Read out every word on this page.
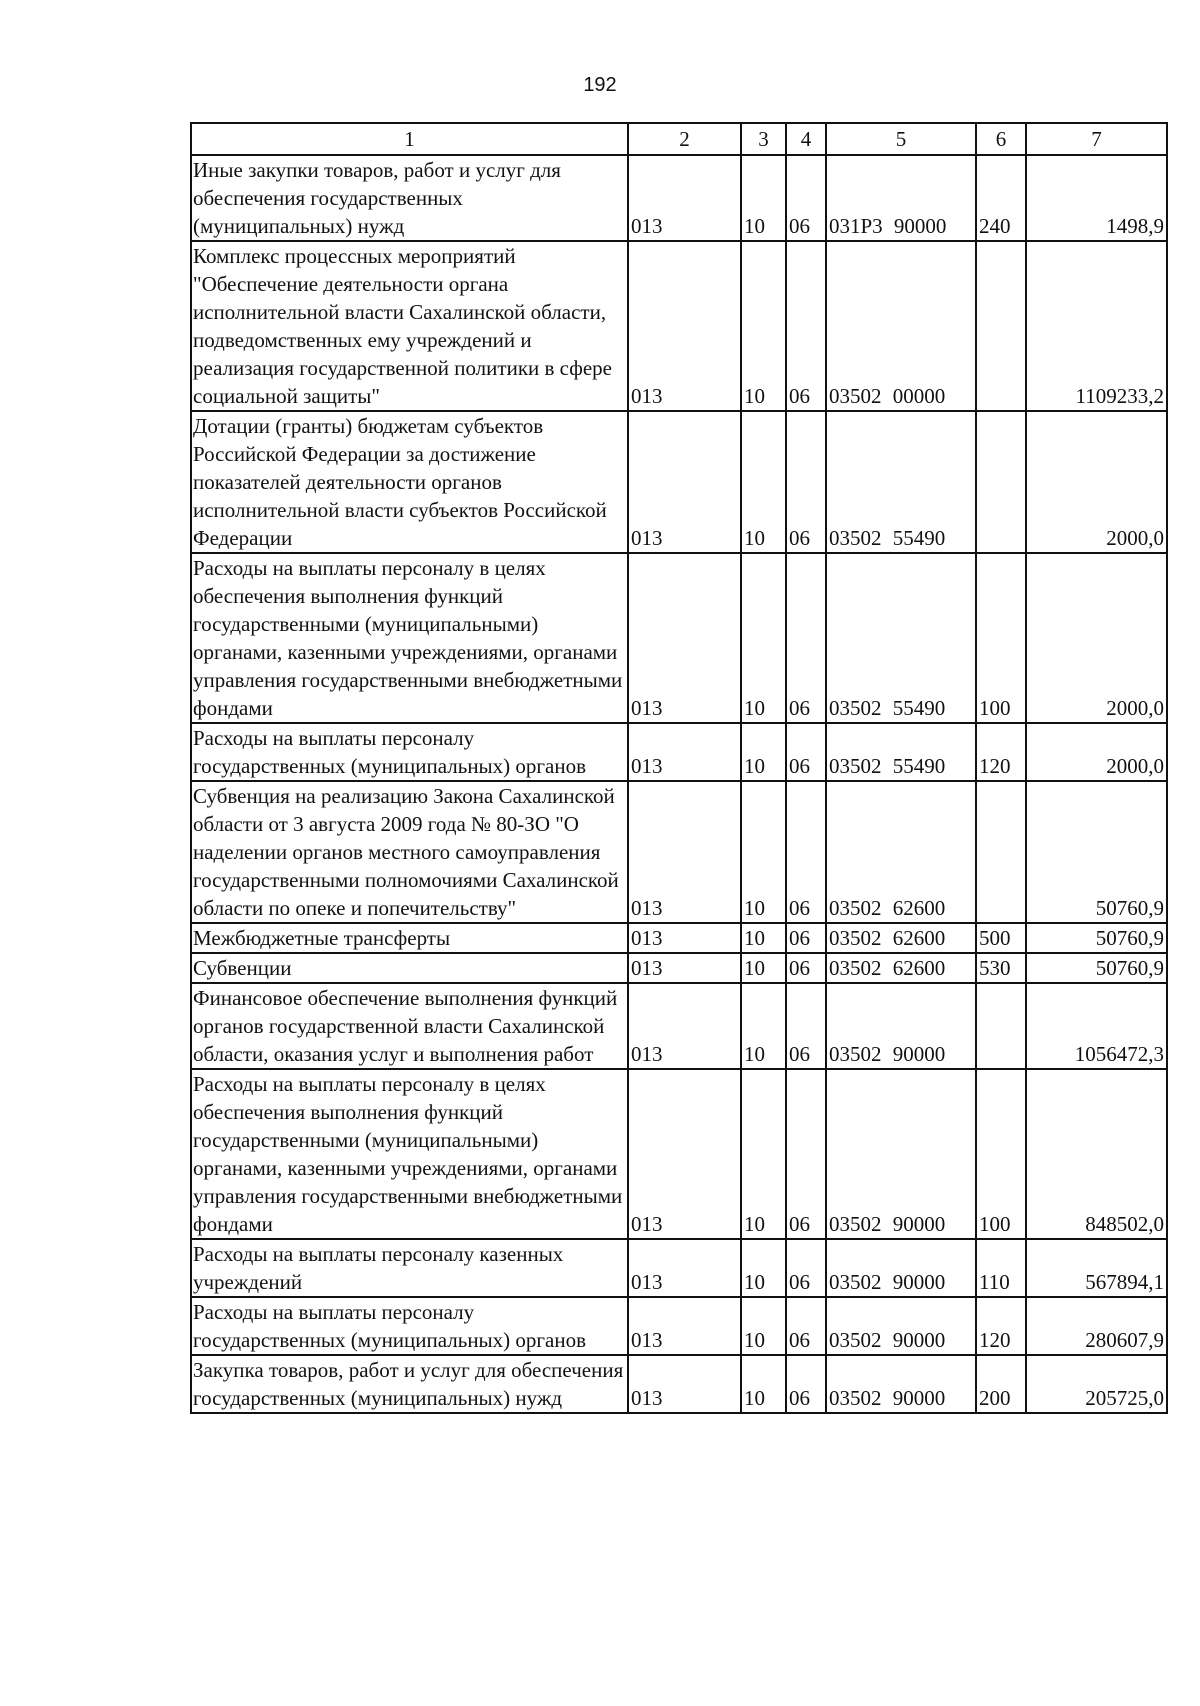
192
1	2	3	4	5	6	7
Иные закупки товаров, работ и услуг для обеспечения государственных (муниципальных) нужд	013	10	06	031Р3 90000	240	1498,9
Комплекс процессных мероприятий "Обеспечение деятельности органа исполнительной власти Сахалинской области, подведомственных ему учреждений и реализация государственной политики в сфере социальной защиты"	013	10	06	03502 00000		1109233,2
Дотации (гранты) бюджетам субъектов Российской Федерации за достижение показателей деятельности органов исполнительной власти субъектов Российской Федерации	013	10	06	03502 55490		2000,0
Расходы на выплаты персоналу в целях обеспечения выполнения функций государственными (муниципальными) органами, казенными учреждениями, органами управления государственными внебюджетными фондами	013	10	06	03502 55490	100	2000,0
Расходы на выплаты персоналу государственных (муниципальных) органов	013	10	06	03502 55490	120	2000,0
Субвенция на реализацию Закона Сахалинской области от 3 августа 2009 года № 80-ЗО "О наделении органов местного самоуправления государственными полномочиями Сахалинской области по опеке и попечительству"	013	10	06	03502 62600		50760,9
Межбюджетные трансферты	013	10	06	03502 62600	500	50760,9
Субвенции	013	10	06	03502 62600	530	50760,9
Финансовое обеспечение выполнения функций органов государственной власти Сахалинской области, оказания услуг и выполнения работ	013	10	06	03502 90000		1056472,3
Расходы на выплаты персоналу в целях обеспечения выполнения функций государственными (муниципальными) органами, казенными учреждениями, органами управления государственными внебюджетными фондами	013	10	06	03502 90000	100	848502,0
Расходы на выплаты персоналу казенных учреждений	013	10	06	03502 90000	110	567894,1
Расходы на выплаты персоналу государственных (муниципальных) органов	013	10	06	03502 90000	120	280607,9
Закупка товаров, работ и услуг для обеспечения государственных (муниципальных) нужд	013	10	06	03502 90000	200	205725,0
